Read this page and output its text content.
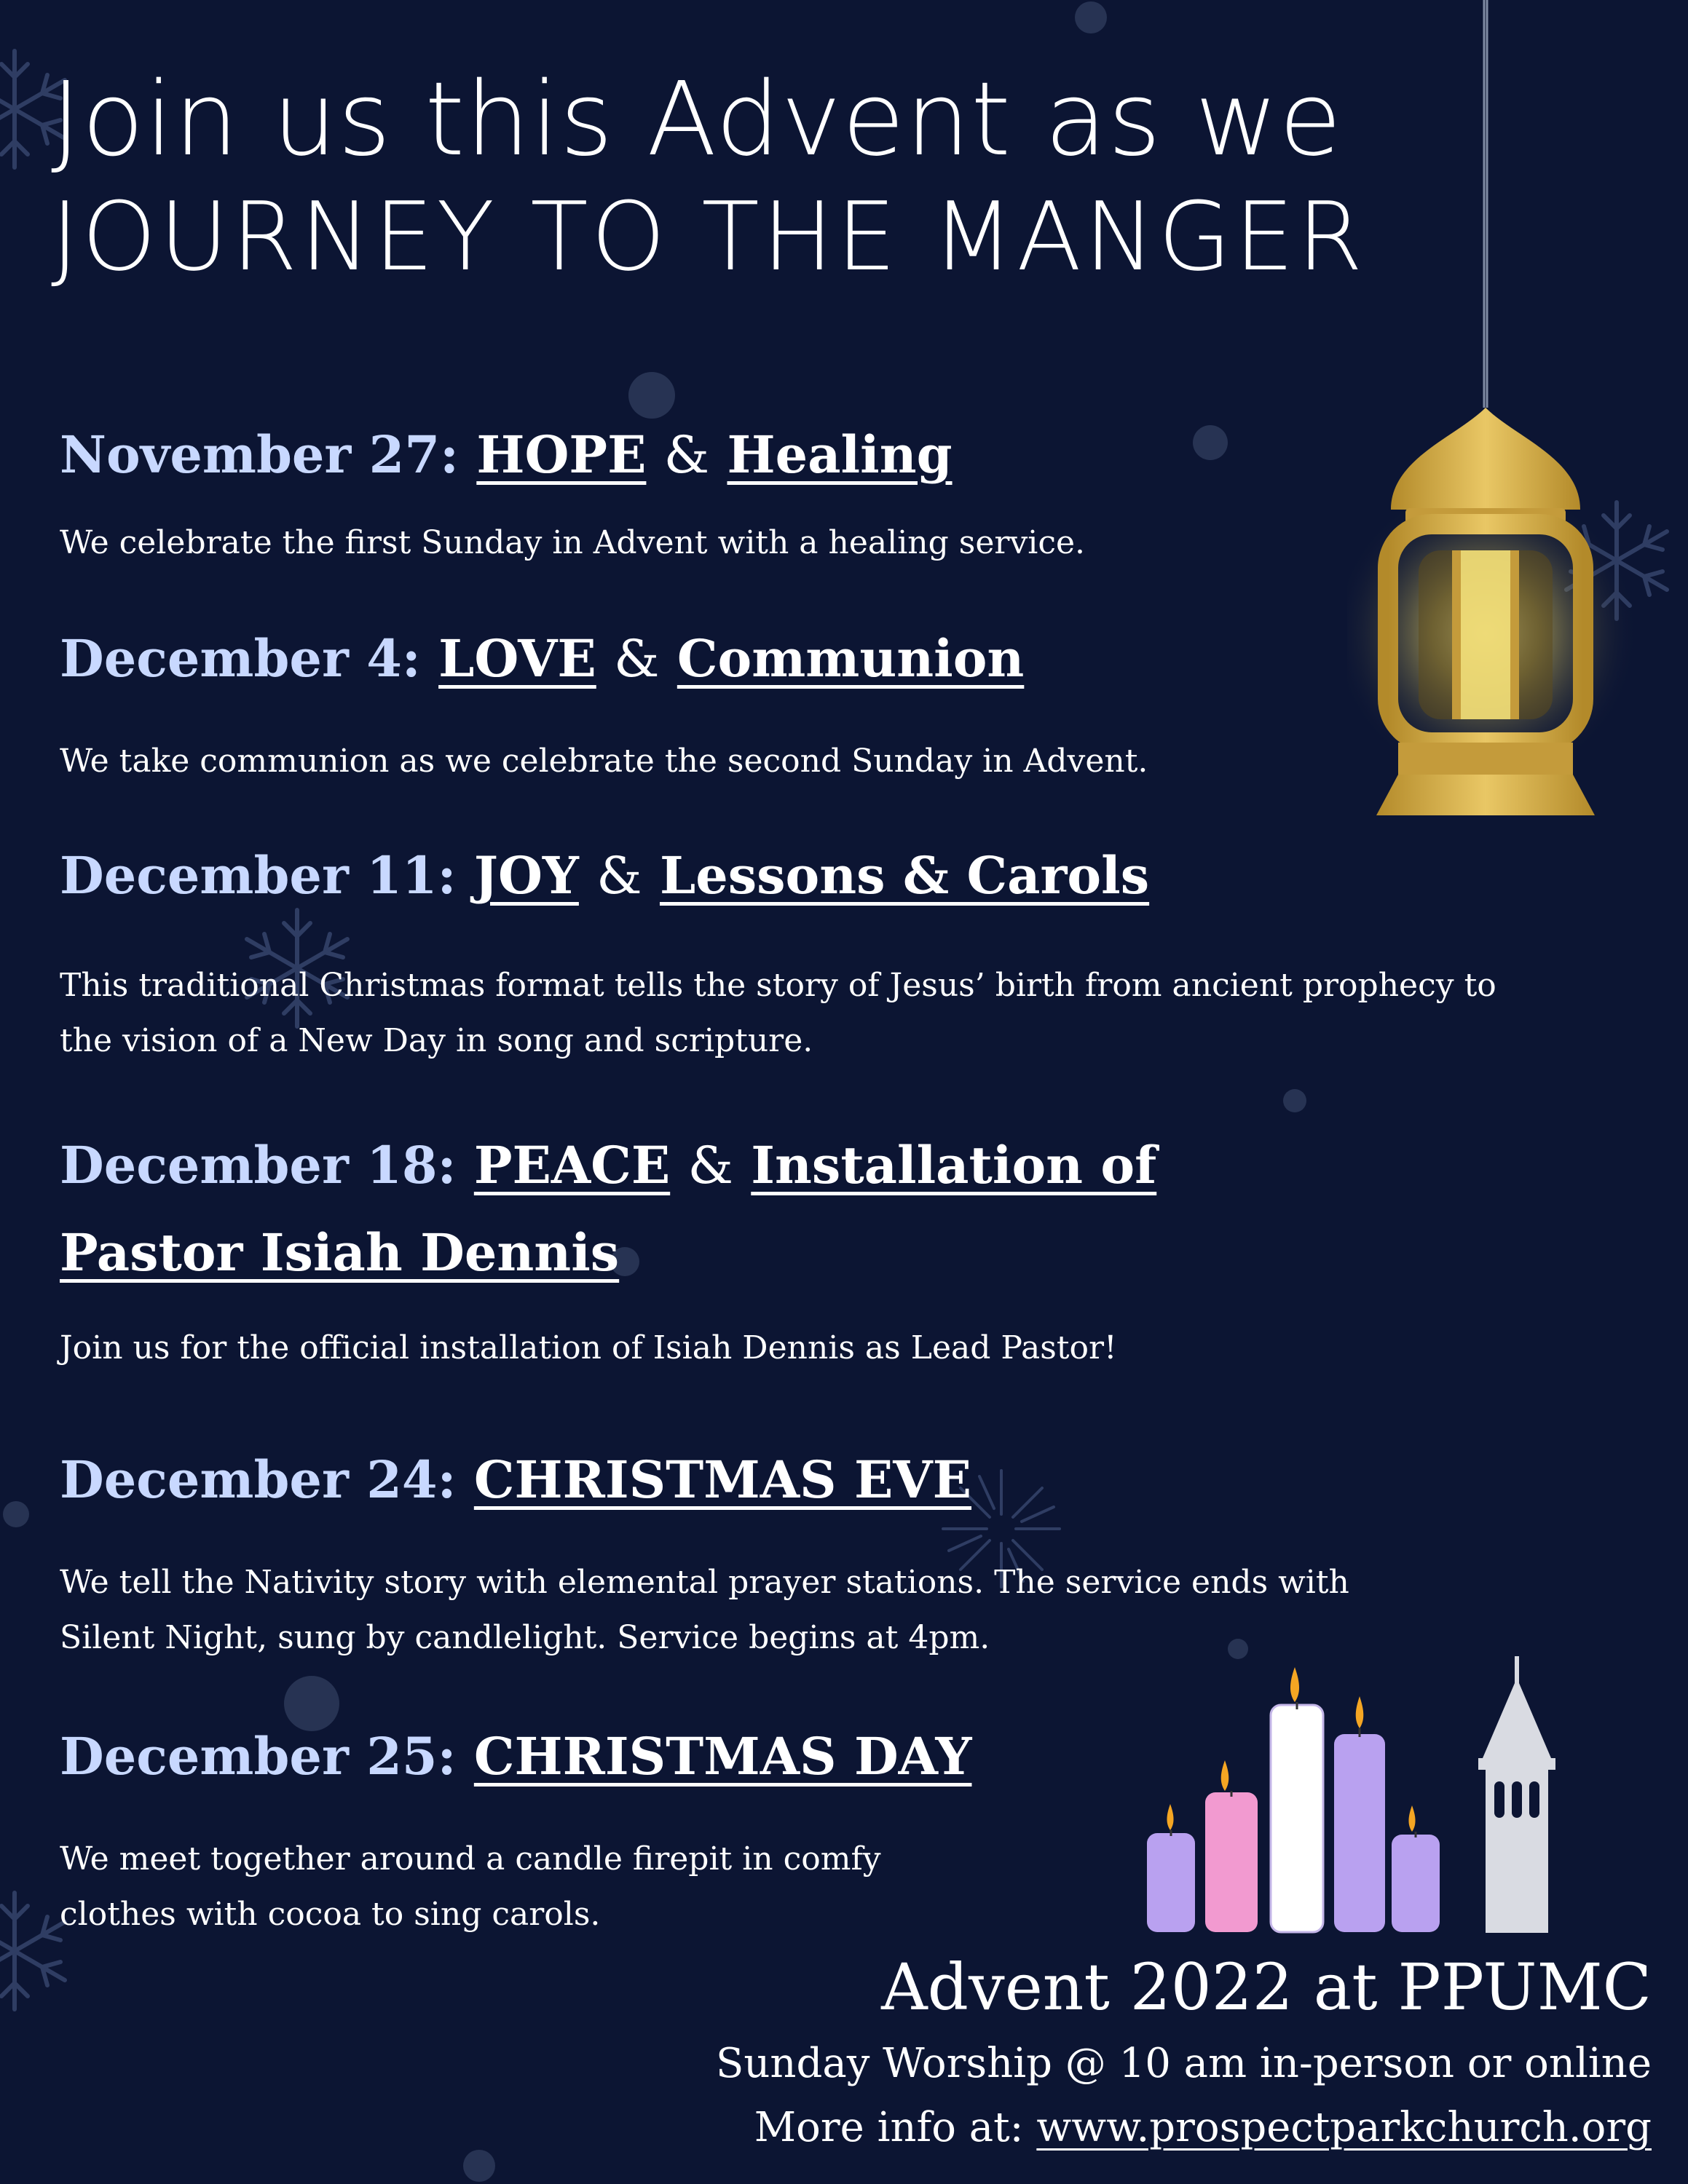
Join us this Advent as we
JOURNEY TO THE MANGER

November 27: HOPE & Healing

We celebrate the first Sunday in Advent with a healing service.

December 4: LOVE & Communion

We take communion as we celebrate the second Sunday in Advent.

December 11: JOY & Lessons & Carols

This traditional Christmas format tells the story of Jesus’ birth from ancient prophecy to

the vision of a New Day in song and scripture.

December 18: PEACE & Installation of

Pastor Isiah Dennis

Join us for the official installation of Isiah Dennis as Lead Pastor!

December 24: CHRISTMAS EVE

We tell the Nativity story with elemental prayer stations. The service ends with

Silent Night, sung by candlelight. Service begins at 4pm.

December 25: CHRISTMAS DAY

We meet together around a candle firepit in comfy

clothes with cocoa to sing carols.

Advent 2022 at PPUMC
Sunday Worship @ 10 am in-person or online
More info at: www.prospectparkchurch.org
